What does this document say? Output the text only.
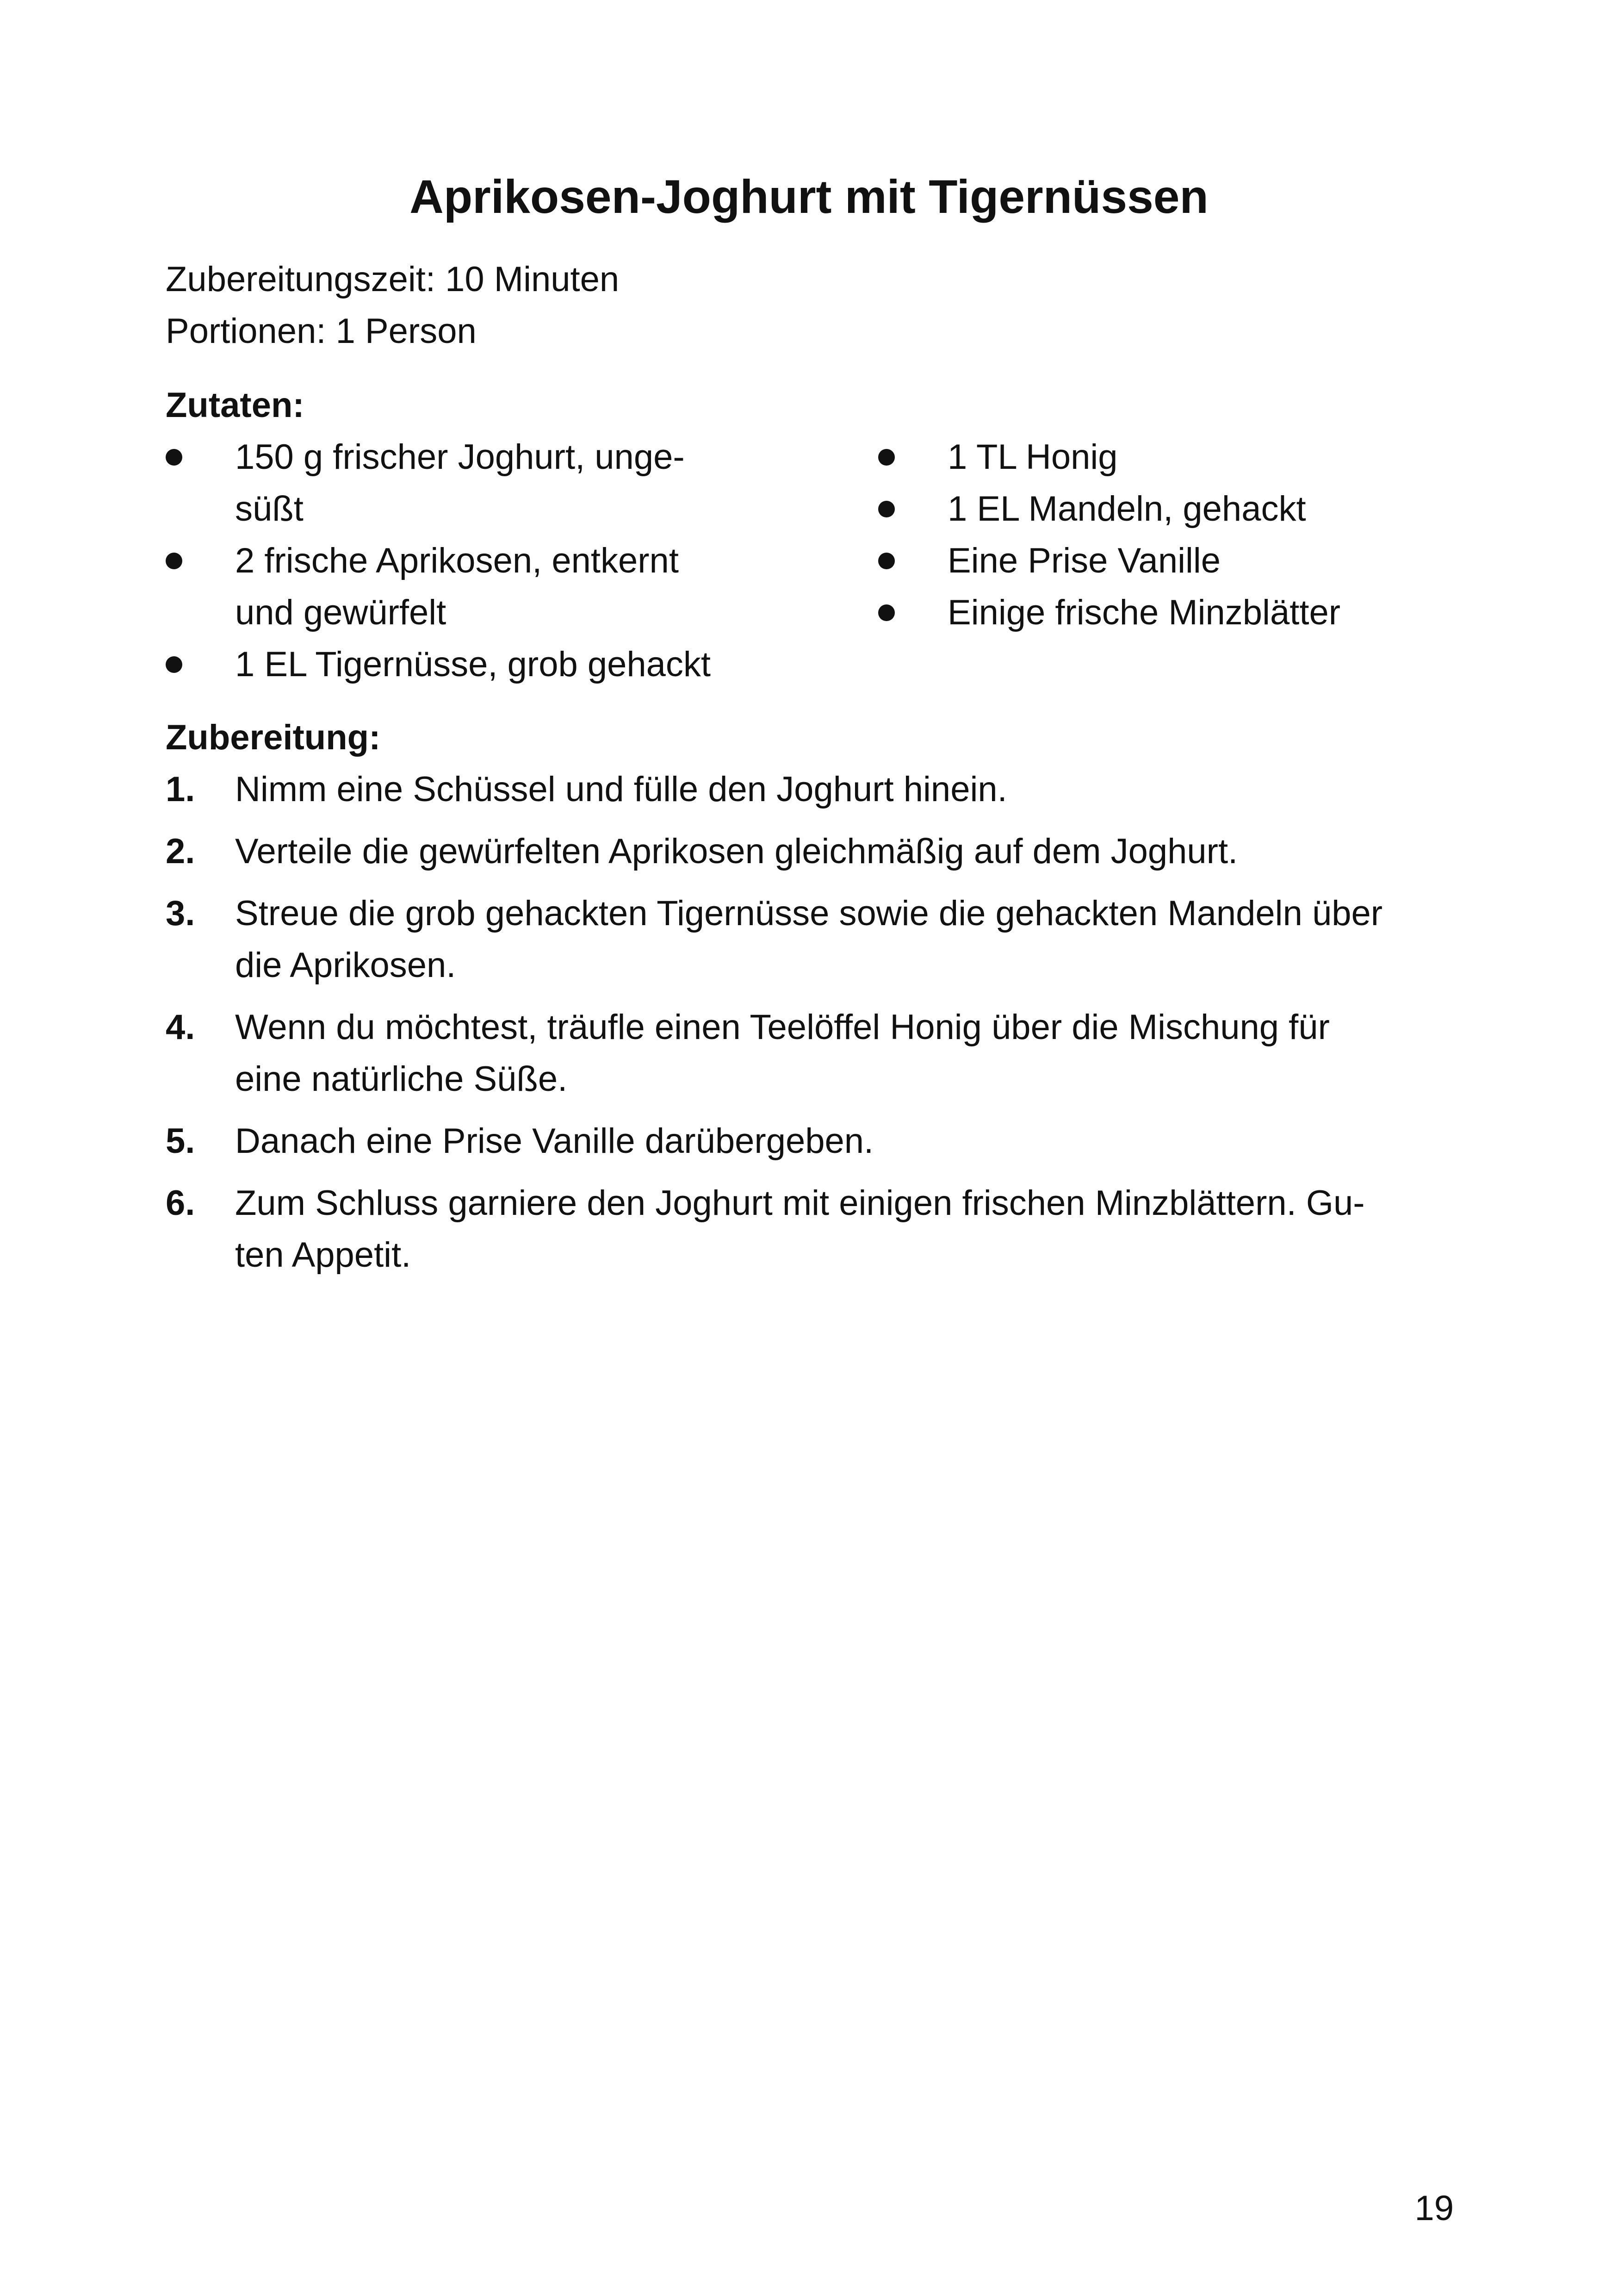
Aprikosen-Joghurt mit Tigernüssen
Zubereitungszeit: 10 Minuten
Portionen: 1 Person
Zutaten:
150 g frischer Joghurt, unge-
süßt
2 frische Aprikosen, entkernt
und gewürfelt
1 EL Tigernüsse, grob gehackt
1 TL Honig
1 EL Mandeln, gehackt
Eine Prise Vanille
Einige frische Minzblätter
Zubereitung:
1. Nimm eine Schüssel und fülle den Joghurt hinein.
2. Verteile die gewürfelten Aprikosen gleichmäßig auf dem Joghurt.
3. Streue die grob gehackten Tigernüsse sowie die gehackten Mandeln über
die Aprikosen.
4. Wenn du möchtest, träufle einen Teelöffel Honig über die Mischung für
eine natürliche Süße.
5. Danach eine Prise Vanille darübergeben.
6. Zum Schluss garniere den Joghurt mit einigen frischen Minzblättern. Gu-
ten Appetit.
19
